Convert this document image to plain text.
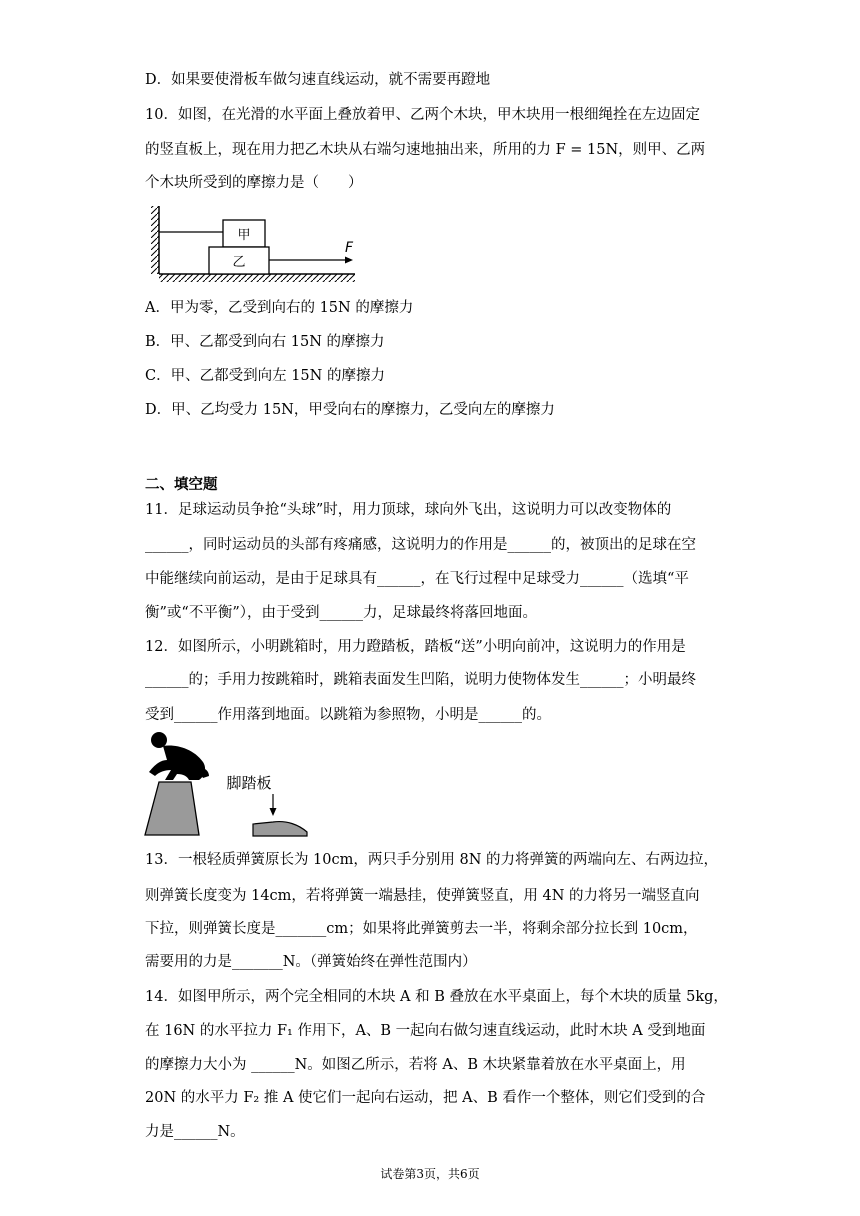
D．如果要使滑板车做匀速直线运动，就不需要再蹬地
10．如图，在光滑的水平面上叠放着甲、乙两个木块，甲木块用一根细绳拴在左边固定
的竖直板上，现在用力把乙木块从右端匀速地抽出来，所用的力 F = 15N，则甲、乙两
个木块所受到的摩擦力是（　　）
甲
乙
F
A．甲为零，乙受到向右的 15N 的摩擦力
B．甲、乙都受到向右 15N 的摩擦力
C．甲、乙都受到向左 15N 的摩擦力
D．甲、乙均受力 15N，甲受向右的摩擦力，乙受向左的摩擦力
二、填空题
11．足球运动员争抢“头球”时，用力顶球，球向外飞出，这说明力可以改变物体的
______，同时运动员的头部有疼痛感，这说明力的作用是______的，被顶出的足球在空
中能继续向前运动，是由于足球具有______，在飞行过程中足球受力______（选填“平
衡”或“不平衡”），由于受到______力，足球最终将落回地面。
12．如图所示，小明跳箱时，用力蹬踏板，踏板“送”小明向前冲，这说明力的作用是
______的；手用力按跳箱时，跳箱表面发生凹陷，说明力使物体发生______；小明最终
受到______作用落到地面。以跳箱为参照物，小明是______的。
脚踏板
13．一根轻质弹簧原长为 10cm，两只手分别用 8N 的力将弹簧的两端向左、右两边拉，
则弹簧长度变为 14cm，若将弹簧一端悬挂，使弹簧竖直，用 4N 的力将另一端竖直向
下拉，则弹簧长度是_______cm；如果将此弹簧剪去一半，将剩余部分拉长到 10cm，
需要用的力是_______N。（弹簧始终在弹性范围内）
14．如图甲所示，两个完全相同的木块 A 和 B 叠放在水平桌面上，每个木块的质量 5kg，
在 16N 的水平拉力 F₁ 作用下，A、B 一起向右做匀速直线运动，此时木块 A 受到地面
的摩擦力大小为 ______N。如图乙所示，若将 A、B 木块紧靠着放在水平桌面上，用
20N 的水平力 F₂ 推 A 使它们一起向右运动，把 A、B 看作一个整体，则它们受到的合
力是______N。
试卷第3页，共6页
